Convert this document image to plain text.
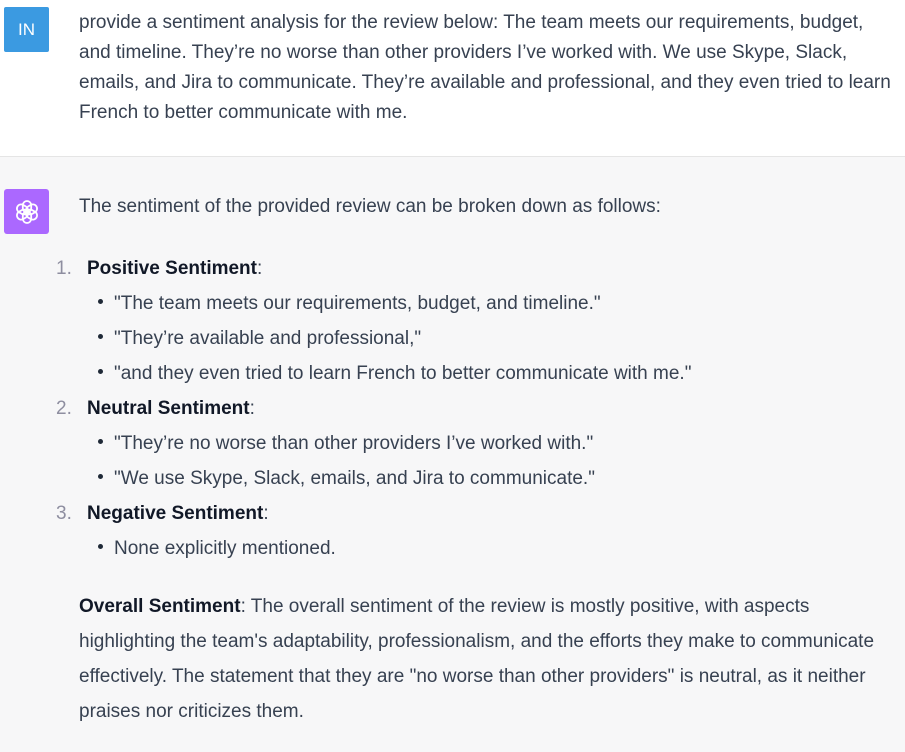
IN	provide a sentiment analysis for the review below: The team meets our requirements, budget, and timeline. They’re no worse than other providers I’ve worked with. We use Skype, Slack, emails, and Jira to communicate. They’re available and professional, and they even tried to learn French to better communicate with me.

The sentiment of the provided review can be broken down as follows:

1. Positive Sentiment:
"The team meets our requirements, budget, and timeline."
"They’re available and professional,"
"and they even tried to learn French to better communicate with me."
2. Neutral Sentiment:
"They’re no worse than other providers I’ve worked with."
"We use Skype, Slack, emails, and Jira to communicate."
3. Negative Sentiment:
None explicitly mentioned.

Overall Sentiment: The overall sentiment of the review is mostly positive, with aspects highlighting the team's adaptability, professionalism, and the efforts they make to communicate effectively. The statement that they are "no worse than other providers" is neutral, as it neither praises nor criticizes them.
